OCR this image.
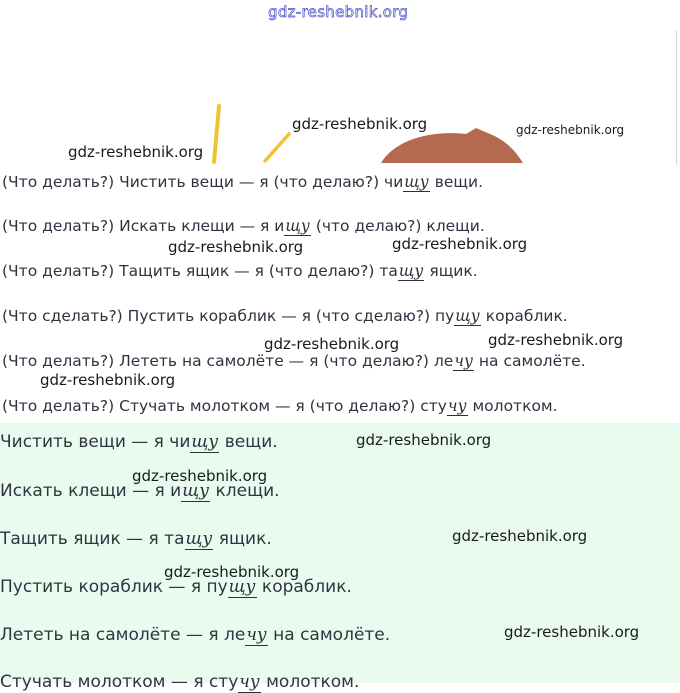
gdz-reshebnik.org
(Что делать?) Чистить вещи — я (что делаю?) чищу вещи.
(Что делать?) Искать клещи — я ищу (что делаю?) клещи.
(Что делать?) Тащить ящик — я (что делаю?) тащу ящик.
(Что сделать?) Пустить кораблик — я (что сделаю?) пущу кораблик.
(Что делать?) Лететь на самолёте — я (что делаю?) лечу на самолёте.
(Что делать?) Стучать молотком — я (что делаю?) стучу молотком.
Чистить вещи — я чищу вещи.
Искать клещи — я ищу клещи.
Тащить ящик — я тащу ящик.
Пустить кораблик — я пущу кораблик.
Лететь на самолёте — я лечу на самолёте.
Стучать молотком — я стучу молотком.
gdz-reshebnik.org
gdz-reshebnik.org	gdz-reshebnik.org
gdz-reshebnik.org	gdz-reshebnik.org
gdz-reshebnik.org	gdz-reshebnik.org
gdz-reshebnik.org
gdz-reshebnik.org
gdz-reshebnik.org
gdz-reshebnik.org
gdz-reshebnik.org
gdz-reshebnik.org
